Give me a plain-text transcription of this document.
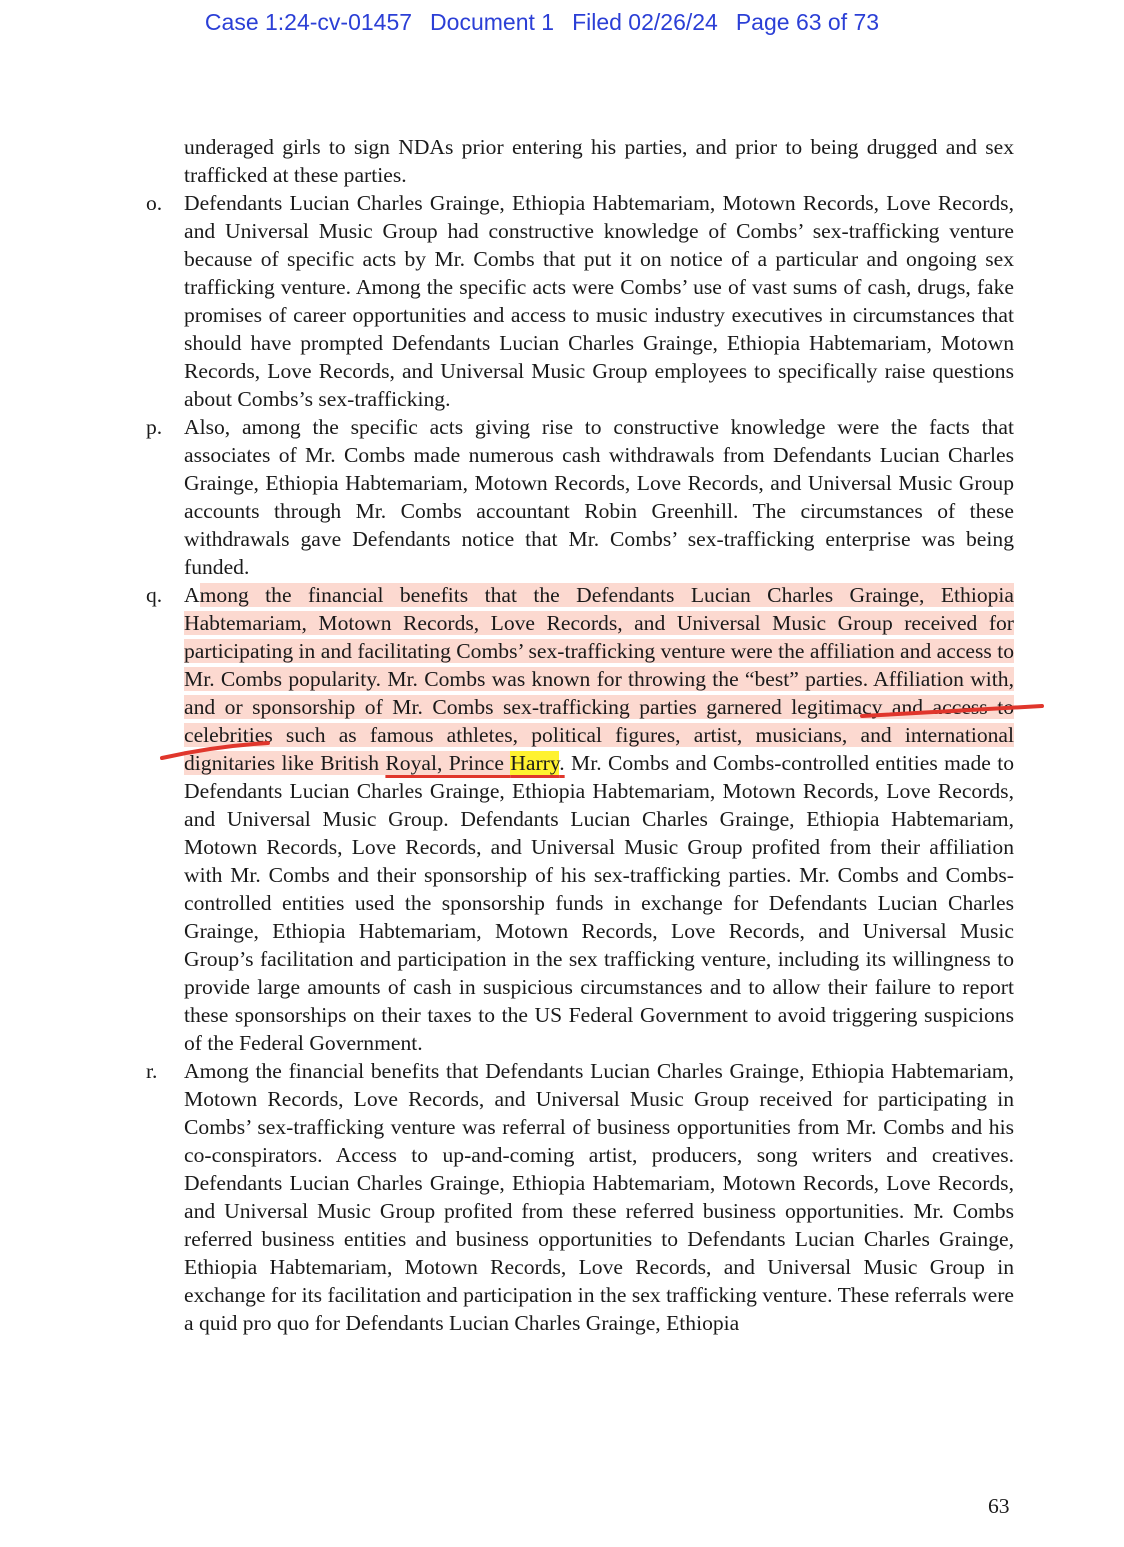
Case 1:24-cv-01457 Document 1 Filed 02/26/24 Page 63 of 73

underaged girls to sign NDAs prior entering his parties, and prior to being drugged and sex trafficked at these parties.

o. Defendants Lucian Charles Grainge, Ethiopia Habtemariam, Motown Records, Love Records, and Universal Music Group had constructive knowledge of Combs’ sex-trafficking venture because of specific acts by Mr. Combs that put it on notice of a particular and ongoing sex trafficking venture. Among the specific acts were Combs’ use of vast sums of cash, drugs, fake promises of career opportunities and access to music industry executives in circumstances that should have prompted Defendants Lucian Charles Grainge, Ethiopia Habtemariam, Motown Records, Love Records, and Universal Music Group employees to specifically raise questions about Combs’s sex-trafficking.
p. Also, among the specific acts giving rise to constructive knowledge were the facts that associates of Mr. Combs made numerous cash withdrawals from Defendants Lucian Charles Grainge, Ethiopia Habtemariam, Motown Records, Love Records, and Universal Music Group accounts through Mr. Combs accountant Robin Greenhill. The circumstances of these withdrawals gave Defendants notice that Mr. Combs’ sex-trafficking enterprise was being funded.
q. Among the financial benefits that the Defendants Lucian Charles Grainge, Ethiopia Habtemariam, Motown Records, Love Records, and Universal Music Group received for participating in and facilitating Combs’ sex-trafficking venture were the affiliation and access to Mr. Combs popularity. Mr. Combs was known for throwing the “best” parties. Affiliation with, and or sponsorship of Mr. Combs sex-trafficking parties garnered legitimacy and access to celebrities such as famous athletes, political figures, artist, musicians, and international dignitaries like British Royal, Prince Harry. Mr. Combs and Combs-controlled entities made to Defendants Lucian Charles Grainge, Ethiopia Habtemariam, Motown Records, Love Records, and Universal Music Group. Defendants Lucian Charles Grainge, Ethiopia Habtemariam, Motown Records, Love Records, and Universal Music Group profited from their affiliation with Mr. Combs and their sponsorship of his sex-trafficking parties. Mr. Combs and Combs-controlled entities used the sponsorship funds in exchange for Defendants Lucian Charles Grainge, Ethiopia Habtemariam, Motown Records, Love Records, and Universal Music Group’s facilitation and participation in the sex trafficking venture, including its willingness to provide large amounts of cash in suspicious circumstances and to allow their failure to report these sponsorships on their taxes to the US Federal Government to avoid triggering suspicions of the Federal Government.
r. Among the financial benefits that Defendants Lucian Charles Grainge, Ethiopia Habtemariam, Motown Records, Love Records, and Universal Music Group received for participating in Combs’ sex-trafficking venture was referral of business opportunities from Mr. Combs and his co-conspirators. Access to up-and-coming artist, producers, song writers and creatives. Defendants Lucian Charles Grainge, Ethiopia Habtemariam, Motown Records, Love Records, and Universal Music Group profited from these referred business opportunities. Mr. Combs referred business entities and business opportunities to Defendants Lucian Charles Grainge, Ethiopia Habtemariam, Motown Records, Love Records, and Universal Music Group in exchange for its facilitation and participation in the sex trafficking venture. These referrals were a quid pro quo for Defendants Lucian Charles Grainge, Ethiopia
63
